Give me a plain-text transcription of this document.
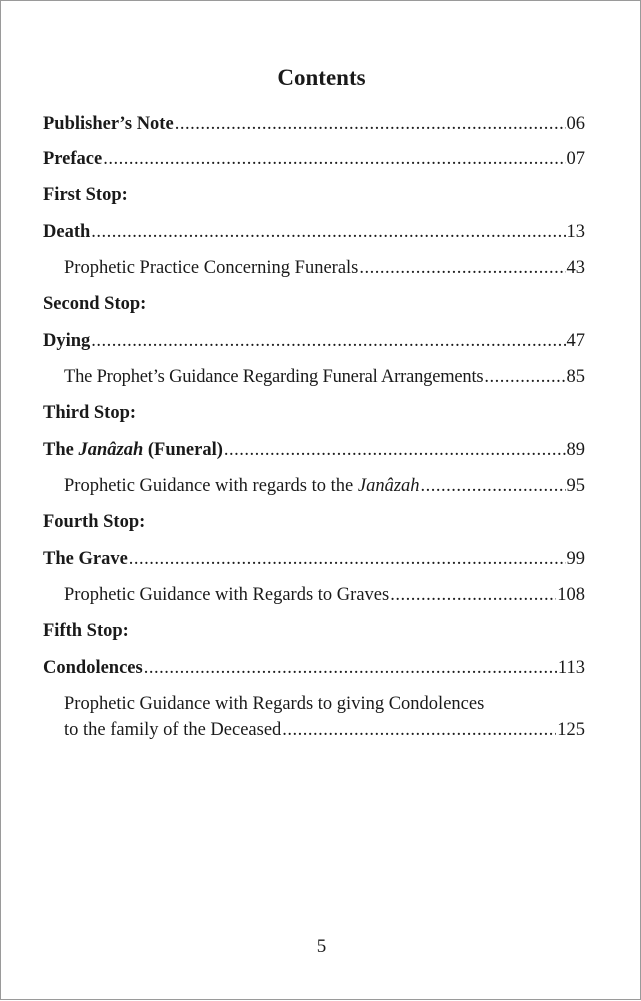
Contents
Publisher’s Note .....	06
Preface .....	07
First Stop:
Death .....	13
Prophetic Practice Concerning Funerals .....	43
Second Stop:
Dying .....	47
The Prophet’s Guidance Regarding Funeral Arrangements .....	85
Third Stop:
The Janâzah (Funeral) .....	89
Prophetic Guidance with regards to the Janâzah .....	95
Fourth Stop:
The Grave .....	99
Prophetic Guidance with Regards to Graves .....	108
Fifth Stop:
Condolences .....	113
Prophetic Guidance with Regards to giving Condolences
to the family of the Deceased .....	125
5
